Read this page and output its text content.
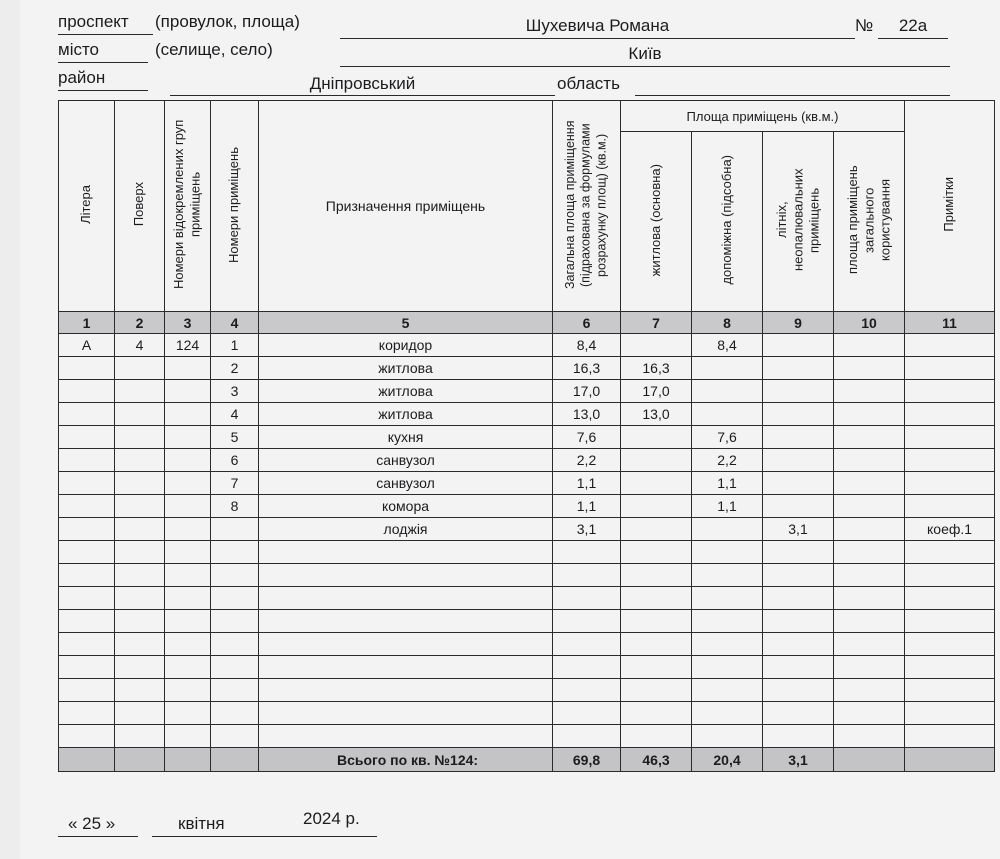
проспект (провулок, площа)	Шухевича Романа	№	22а
місто	(селище, село)	Київ
район	Дніпровський	область
Літера	Поверх	Номери відокремлених груп приміщень	Номери приміщень	Призначення приміщень	Загальна площа приміщення (підрахована за формулами розрахунку площ) (кв.м.)	Площа приміщень (кв.м.)				Примітки
						житлова (основна)	допоміжна (підсобна)	літніх, неопалювальних приміщень	площа приміщень загального користування	
1	2	3	4	5	6	7	8	9	10	11
А	4	124	1	коридор	8,4		8,4			
			2	житлова	16,3	16,3				
			3	житлова	17,0	17,0				
			4	житлова	13,0	13,0				
			5	кухня	7,6		7,6			
			6	санвузол	2,2		2,2			
			7	санвузол	1,1		1,1			
			8	комора	1,1		1,1			
				лоджія	3,1			3,1		коеф.1

				Всього по кв. №124:	69,8	46,3	20,4	3,1		
« 25 »	квітня	2024 р.
